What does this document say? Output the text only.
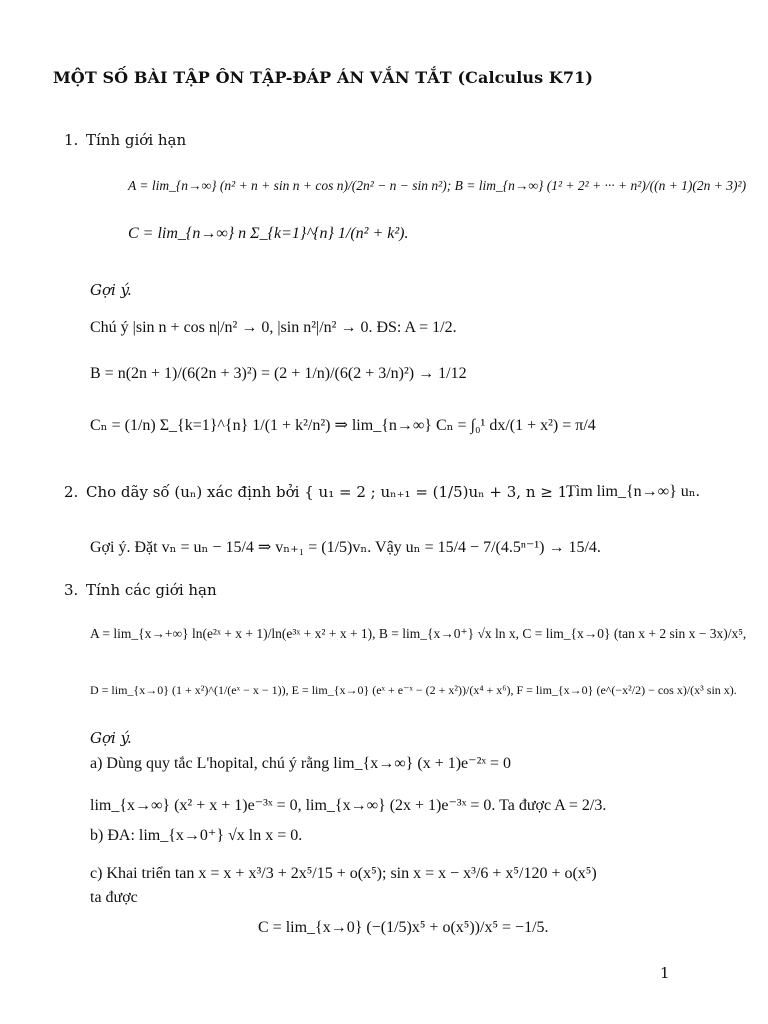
MỘT SỐ BÀI TẬP ÔN TẬP-ĐÁP ÁN VẮN TẮT (Calculus K71)
1. Tính giới hạn
A = lim_{n→∞} (n² + n + sin n + cos n)/(2n² − n − sin n²); B = lim_{n→∞} (1² + 2² + ··· + n²)/((n + 1)(2n + 3)²)
C = lim_{n→∞} n Σ_{k=1}^{n} 1/(n² + k²).
Gợi ý.
Chú ý |sin n + cos n|/n² → 0, |sin n²|/n² → 0. ĐS: A = 1/2.
B = n(2n + 1)/(6(2n + 3)²) = (2 + 1/n)/(6(2 + 3/n)²) → 1/12
Cₙ = (1/n) Σ_{k=1}^{n} 1/(1 + k²/n²) ⇒ lim_{n→∞} Cₙ = ∫₀¹ dx/(1 + x²) = π/4
2. Cho dãy số (uₙ) xác định bởi { u₁ = 2 ; uₙ₊₁ = (1/5)uₙ + 3, n ≥ 1.
Tìm lim_{n→∞} uₙ.
Gợi ý. Đặt vₙ = uₙ − 15/4 ⇒ vₙ₊₁ = (1/5)vₙ. Vậy uₙ = 15/4 − 7/(4.5ⁿ⁻¹) → 15/4.
3. Tính các giới hạn
A = lim_{x→+∞} ln(e²ˣ + x + 1)/ln(e³ˣ + x² + x + 1), B = lim_{x→0⁺} √x ln x, C = lim_{x→0} (tan x + 2 sin x − 3x)/x⁵,
D = lim_{x→0} (1 + x²)^(1/(eˣ − x − 1)), E = lim_{x→0} (eˣ + e⁻ˣ − (2 + x²))/(x⁴ + x⁶), F = lim_{x→0} (e^(−x²/2) − cos x)/(x³ sin x).
Gợi ý.
a) Dùng quy tắc L'hopital, chú ý rằng lim_{x→∞} (x + 1)e⁻²ˣ = 0
lim_{x→∞} (x² + x + 1)e⁻³ˣ = 0, lim_{x→∞} (2x + 1)e⁻³ˣ = 0. Ta được A = 2/3.
b) ĐA: lim_{x→0⁺} √x ln x = 0.
c) Khai triển tan x = x + x³/3 + 2x⁵/15 + o(x⁵); sin x = x − x³/6 + x⁵/120 + o(x⁵)
ta được
C = lim_{x→0} (−(1/5)x⁵ + o(x⁵))/x⁵ = −1/5.
1
